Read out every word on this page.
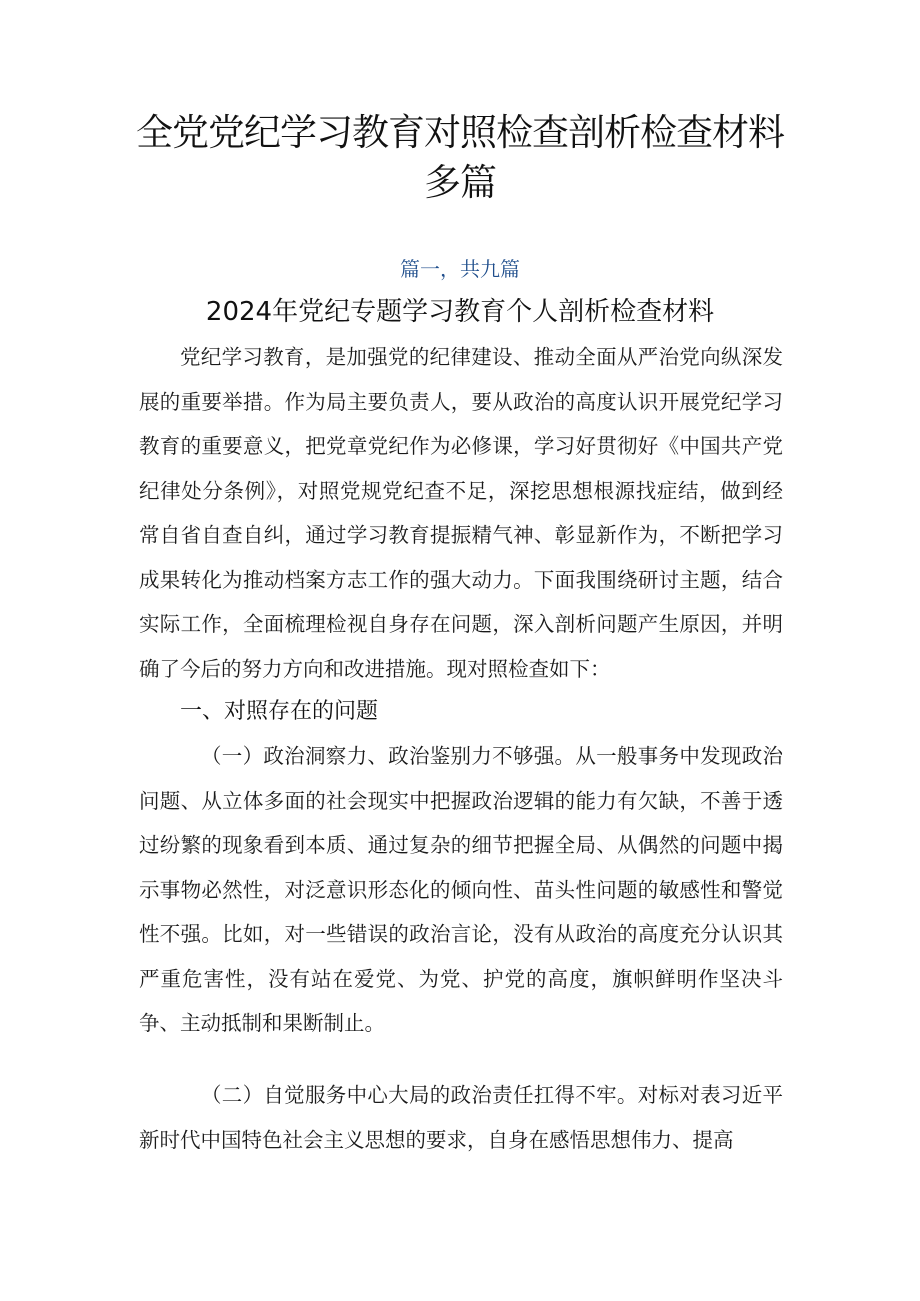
全党党纪学习教育对照检查剖析检查材料多篇
篇一，共九篇
2024年党纪专题学习教育个人剖析检查材料
党纪学习教育，是加强党的纪律建设、推动全面从严治党向纵深发展的重要举措。作为局主要负责人，要从政治的高度认识开展党纪学习教育的重要意义，把党章党纪作为必修课，学习好贯彻好《中国共产党纪律处分条例》，对照党规党纪查不足，深挖思想根源找症结，做到经常自省自查自纠，通过学习教育提振精气神、彰显新作为，不断把学习成果转化为推动档案方志工作的强大动力。下面我围绕研讨主题，结合实际工作，全面梳理检视自身存在问题，深入剖析问题产生原因，并明确了今后的努力方向和改进措施。现对照检查如下：
一、对照存在的问题
（一）政治洞察力、政治鉴别力不够强。从一般事务中发现政治问题、从立体多面的社会现实中把握政治逻辑的能力有欠缺，不善于透过纷繁的现象看到本质、通过复杂的细节把握全局、从偶然的问题中揭示事物必然性，对泛意识形态化的倾向性、苗头性问题的敏感性和警觉性不强。比如，对一些错误的政治言论，没有从政治的高度充分认识其严重危害性，没有站在爱党、为党、护党的高度，旗帜鲜明作坚决斗争、主动抵制和果断制止。
（二）自觉服务中心大局的政治责任扛得不牢。对标对表习近平新时代中国特色社会主义思想的要求，自身在感悟思想伟力、提高
